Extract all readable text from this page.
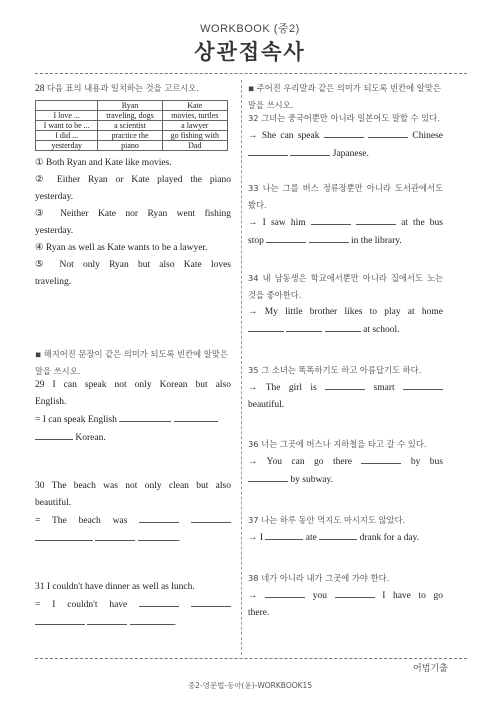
WORKBOOK (중2)
상관접속사
28 다음 표의 내용과 일치하는 것을 고르시오.
	Ryan	Kate
I love ...	traveling, dogs	movies, turtles
I want to be ...	a scientist	a lawyer
I did ...	practice the	go fishing with
yesterday	piano	Dad
① Both Ryan and Kate like movies.
② Either Ryan or Kate played the piano
yesterday.
③ Neither Kate nor Ryan went fishing
yesterday.
④ Ryan as well as Kate wants to be a lawyer.
⑤ Not only Ryan but also Kate loves
traveling.
◾ 해지어진 문장이 같은 의미가 되도록 빈칸에 알맞은
말을 쓰시오.
29 I can speak not only Korean but also
English.
= I can speak English
Korean.
30 The beach was not only clean but also
beautiful.
= The beach was
.
31 I couldn't have dinner as well as lunch.
= I couldn't have
.
◾ 주어진 우리말과 같은 의미가 되도록 빈칸에 알맞은
말을 쓰시오.
32 그녀는 중국어뿐만 아니라 일본어도 말할 수 있다.
→ She can speak	Chinese
Japanese.
33 나는 그를 버스 정류장뿐만 아니라 도서관에서도
봤다.
→ I saw him	at the bus
stop	in the library.
34 내 남동생은 학교에서뿐만 아니라 집에서도 노는
것을 좋아한다.
→ My little brother likes to play at home
at school.
35 그 소녀는 똑똑하기도 하고 아름답기도 하다.
→ The girl is	smart
beautiful.
36 너는 그곳에 버스나 지하철을 타고 갈 수 있다.
→ You can go there	by bus
by subway.
37 나는 하루 동안 먹지도 마시지도 않았다.
→ I	ate	drank for a day.
38 네가 아니라 내가 그곳에 가야 한다.
→	you	I have to go
there.
어법기출
중2-영문법-동아(윤)-WORKBOOK15
